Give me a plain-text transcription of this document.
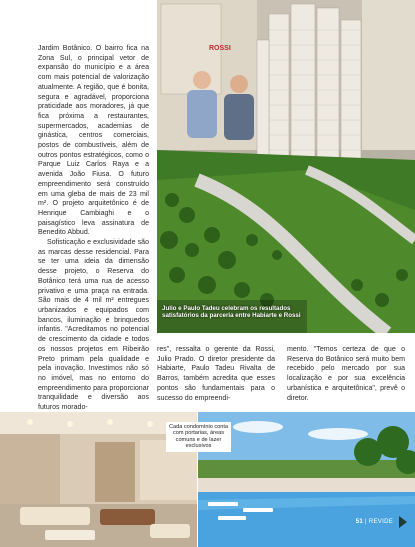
Jardim Botânico. O bairro fica na Zona Sul, o principal vetor de expansão do município e a área com mais potencial de valorização atualmente. A região, que é bonita, segura e agradável, proporciona praticidade aos moradores, já que fica próxima a restaurantes, supermercados, academias de ginástica, centros comerciais, postos de combustíveis, além de outros pontos estratégicos, como o Parque Luiz Carlos Raya e a avenida João Fiusa. O futuro empreendimento será construído em uma gleba de mais de 23 mil m². O projeto arquitetônico é de Henrique Cambiaghi e o paisagístico leva assinatura de Benedito Abbud.

Sofisticação e exclusividade são as marcas desse residencial. Para se ter uma ideia da dimensão desse projeto, o Reserva do Botânico terá uma rua de acesso privativo e uma praça na entrada. São mais de 4 mil m² entregues urbanizados e equipados com bancos, iluminação e brinquedos infantis. "Acreditamos no potencial de crescimento da cidade e todos os nossos projetos em Ribeirão Preto primam pela qualidade e pela inovação. Investimos não só no imóvel, mas no entorno do empreendimento para proporcionar tranquilidade e diversão aos futuros morado-

ROSSI
Julio e Paulo Tadeu celebram os resultados satisfatórios da parceria entre Habiarte e Rossi
res", ressalta o gerente da Rossi, Julio Prado. O diretor presidente da Habiarte, Paulo Tadeu Rivalta de Barros, também acredita que esses pontos são fundamentais para o sucesso do empreendi-
mento. "Temos certeza de que o Reserva do Botânico será muito bem recebido pelo mercado por sua localização e por sua excelência urbanística e arquitetônica", prevê o diretor.
Cada condomínio conta com portarias, áreas comuns e de lazer exclusivos
51 | REVIDE
